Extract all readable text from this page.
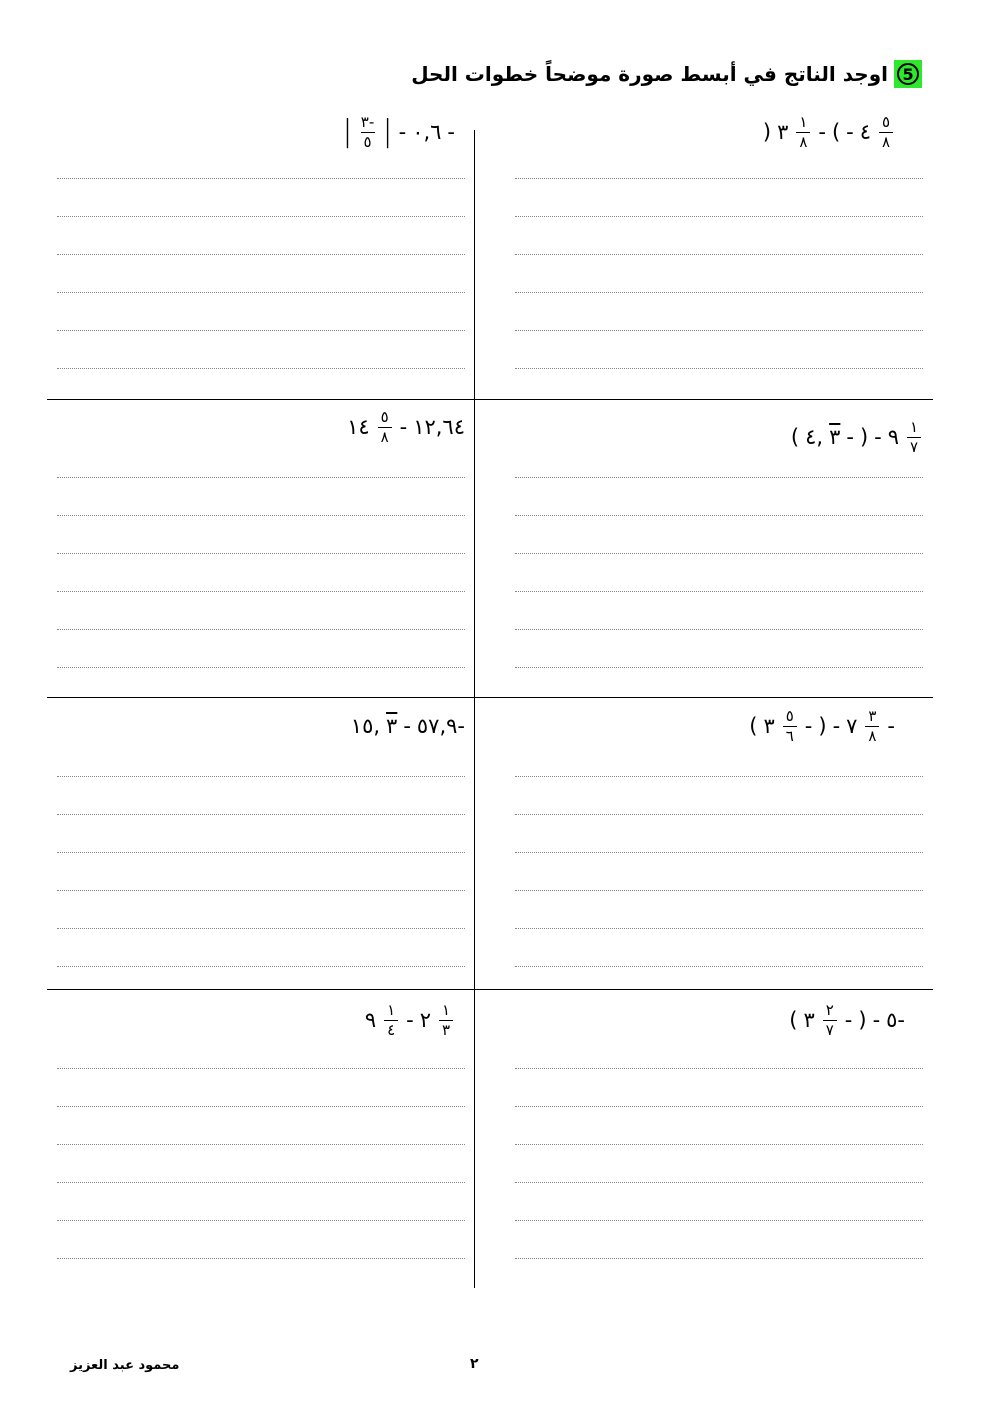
5
اوجد الناتج في أبسط صورة موضحاً خطوات الحل
) ٣ $\frac{١}{٨}$ - ( - ٤ $\frac{٥}{٨}$
| $\frac{٣-}{٥}$ | - ٠,٦ -
( ٤, ٣ - ) - ٩ $\frac{١}{٧}$
١٤ $\frac{٥}{٨}$ - ١٢,٦٤
( ٣ $\frac{٥}{٦}$ - ) - ٧ $\frac{٣}{٨}$ -
١٥, ٣ - ٥٧,٩-
( ٣ $\frac{٢}{٧}$ - ) - ٥-
٩ $\frac{١}{٤}$ - ٢ $\frac{١}{٣}$
محمود عبد العزيز	٢
